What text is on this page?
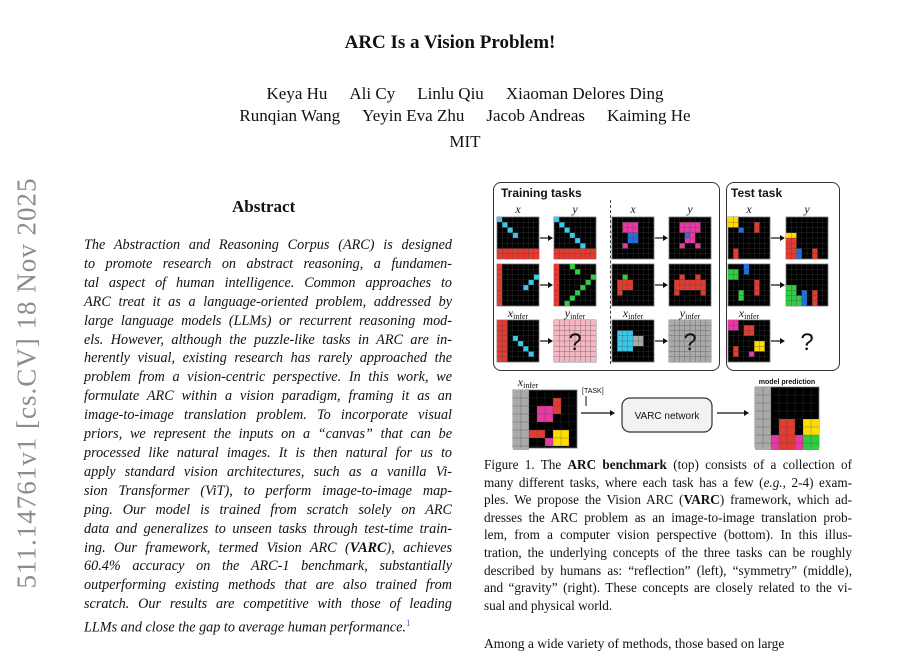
ARC Is a Vision Problem!
Keya Hu Ali Cy Linlu Qiu Xiaoman Delores Ding
Runqian Wang Yeyin Eva Zhu Jacob Andreas Kaiming He
MIT
511.14761v1 [cs.CV] 18 Nov 2025	Abstract
The Abstraction and Reasoning Corpus (ARC) is designed
to promote research on abstract reasoning, a fundamen-
tal aspect of human intelligence. Common approaches to
ARC treat it as a language-oriented problem, addressed by
large language models (LLMs) or recurrent reasoning mod-
els. However, although the puzzle-like tasks in ARC are in-
herently visual, existing research has rarely approached the
problem from a vision-centric perspective. In this work, we
formulate ARC within a vision paradigm, framing it as an
image-to-image translation problem. To incorporate visual
priors, we represent the inputs on a “canvas” that can be
processed like natural images. It is then natural for us to
apply standard vision architectures, such as a vanilla Vi-
sion Transformer (ViT), to perform image-to-image map-
ping. Our model is trained from scratch solely on ARC
data and generalizes to unseen tasks through test-time train-
ing. Our framework, termed Vision ARC (VARC), achieves
60.4% accuracy on the ARC-1 benchmark, substantially
outperforming existing methods that are also trained from
scratch. Our results are competitive with those of leading
LLMs and close the gap to average human performance.$^1$
Training tasks	Test task
x	y	x	y	x	y
?
xinfer	yinfer
?
xinfer	yinfer
?
xinfer
xinfer
[TASK]
VARC network
model prediction
Figure 1. The ARC benchmark (top) consists of a collection of
many different tasks, where each task has a few (e.g., 2-4) exam-
ples. We propose the Vision ARC (VARC) framework, which ad-
dresses the ARC problem as an image-to-image translation prob-
lem, from a computer vision perspective (bottom). In this illus-
tration, the underlying concepts of the three tasks can be roughly
described by humans as: “reflection” (left), “symmetry” (middle),
and “gravity” (right). These concepts are closely related to the vi-
sual and physical world.
Among a wide variety of methods, those based on large
